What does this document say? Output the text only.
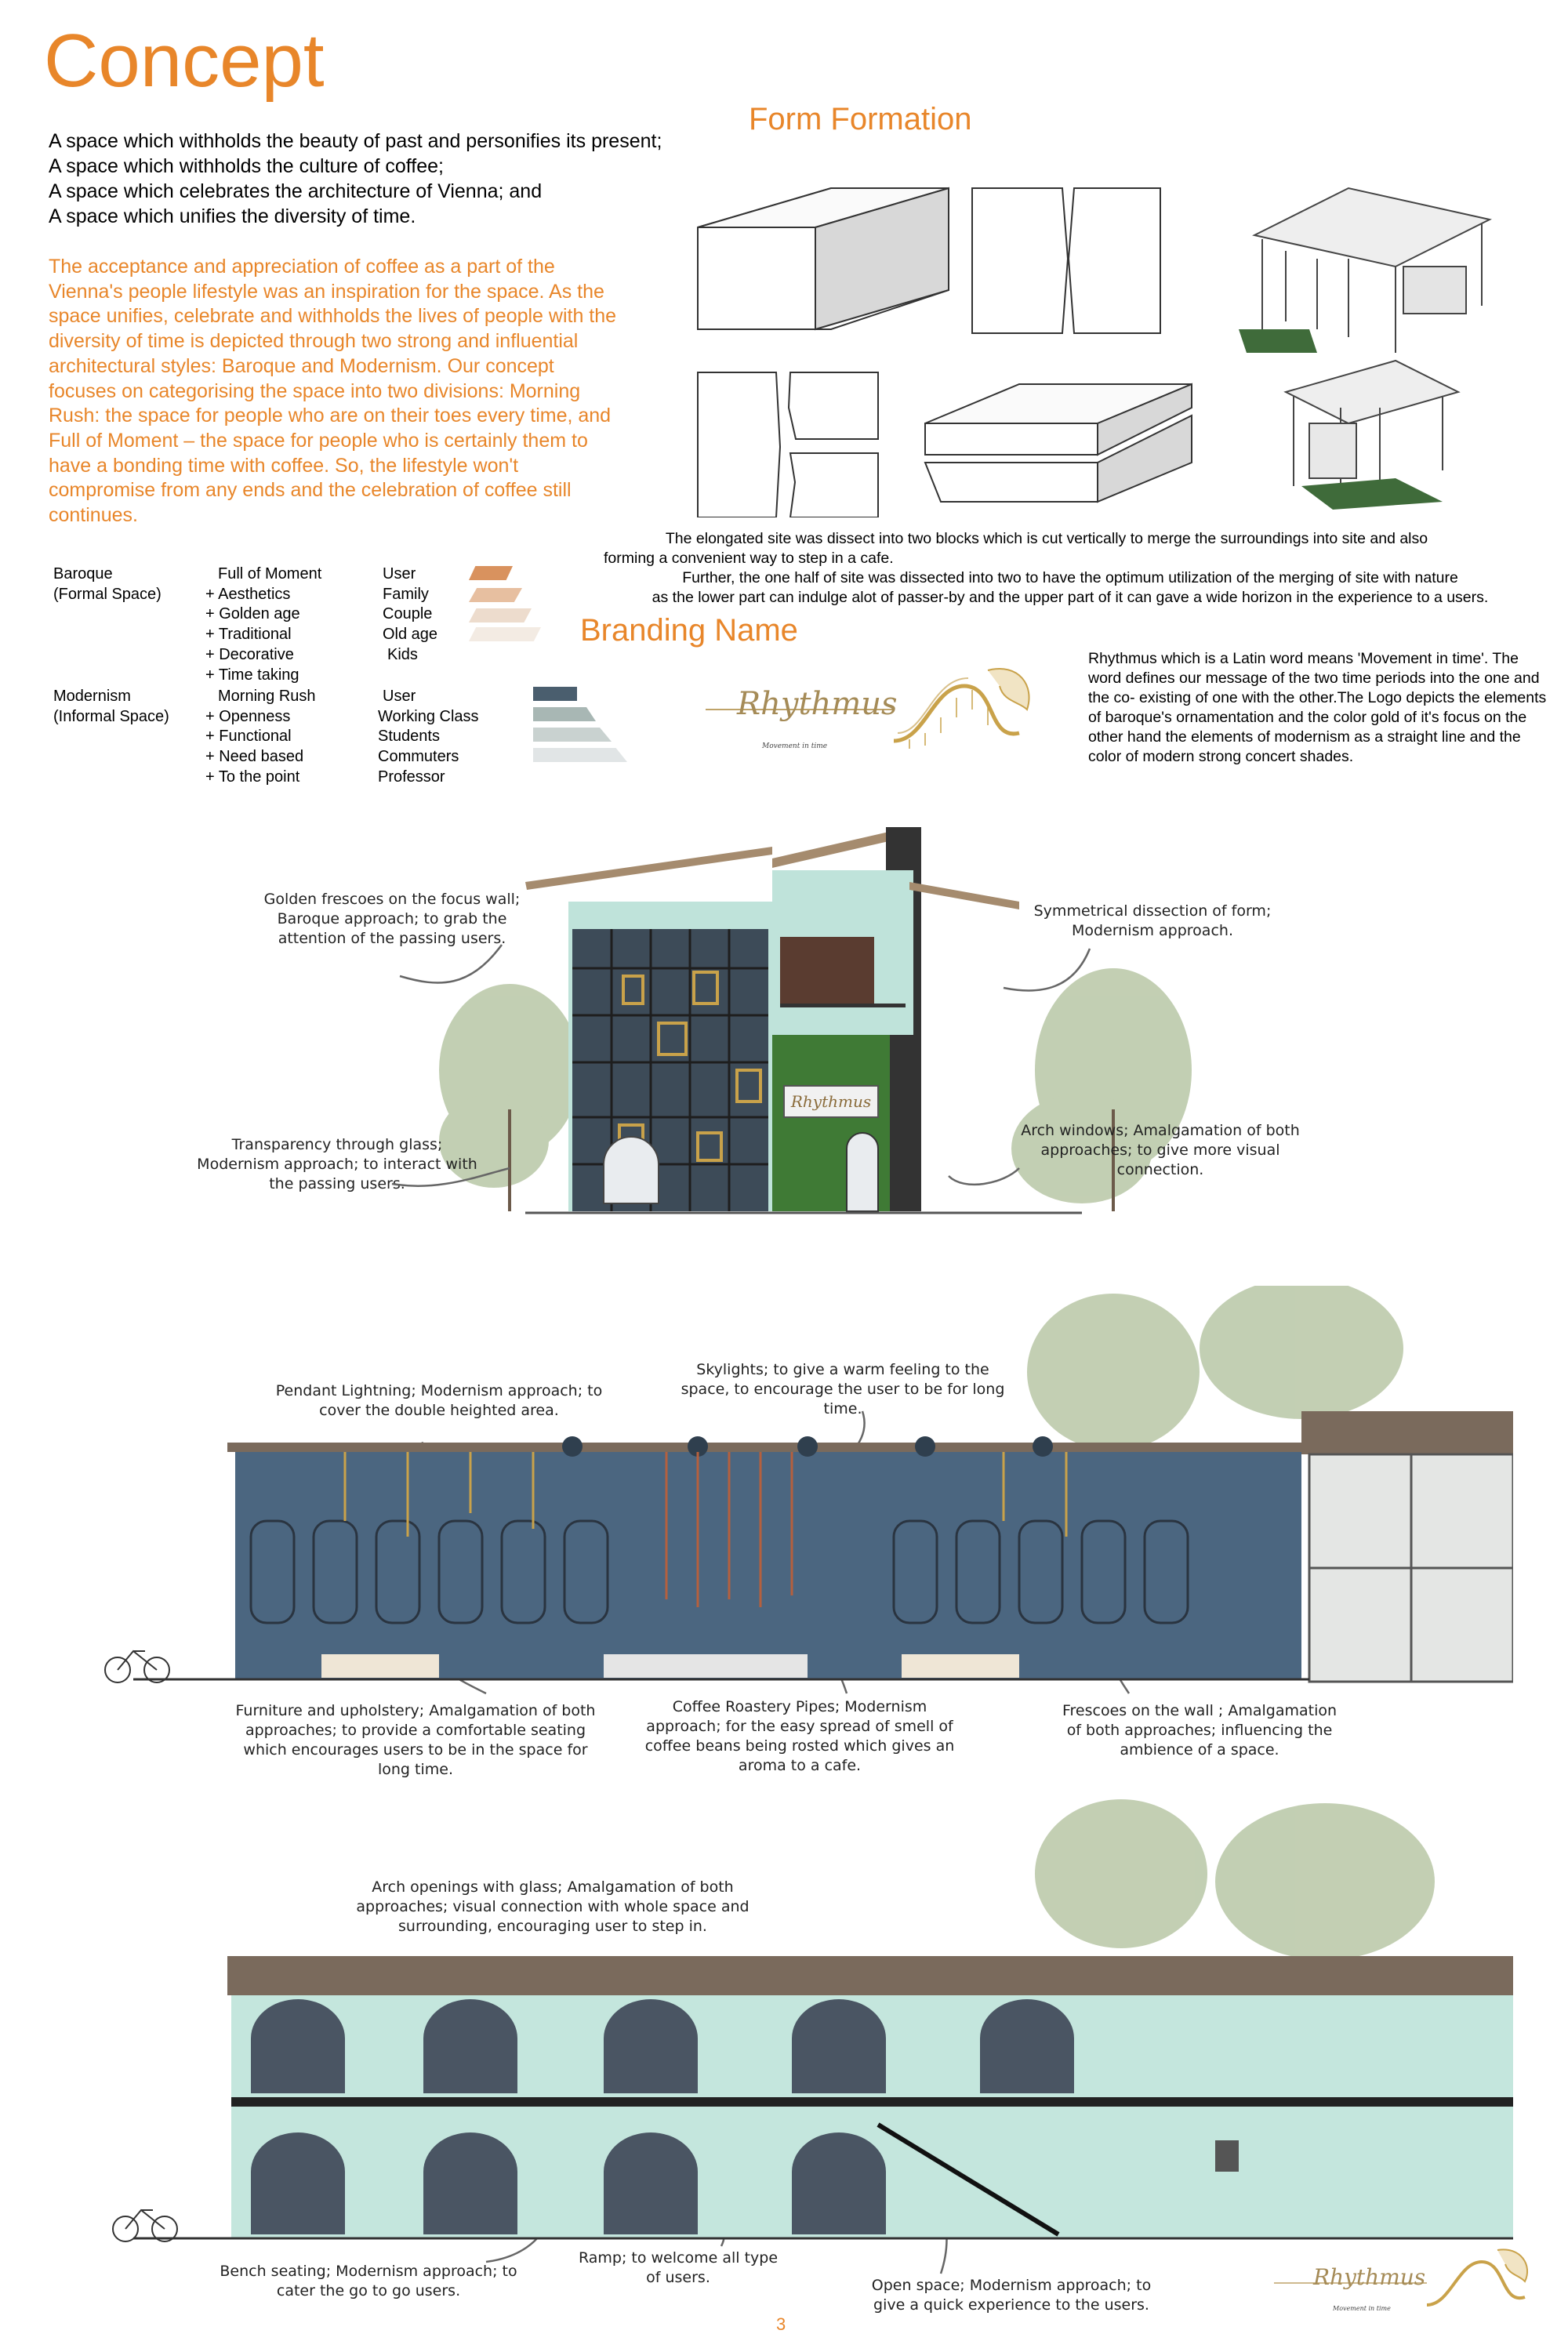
Concept
A space which withholds the beauty of past and personifies its present;
A space which withholds the culture of coffee;
A space which celebrates the architecture of Vienna; and
A space which unifies the diversity of time.
The acceptance and appreciation of coffee as a part of the Vienna's people lifestyle was an inspiration for the space. As the space unifies, celebrate and withholds the lives of people with the diversity of time is depicted through two strong and influential architectural styles: Baroque and Modernism. Our concept focuses on categorising the space into two divisions: Morning Rush: the space for people who are on their toes every time, and Full of Moment – the space for people who is certainly them to have a bonding time with coffee. So, the lifestyle won't compromise from any ends and the celebration of coffee still continues.
Baroque
(Formal Space)
Full of Moment
+ Aesthetics
+ Golden age
+ Traditional
+ Decorative
+ Time taking
User
Family
Couple
Old age
Kids
Modernism
(Informal Space)
Morning Rush
+ Openness
+ Functional
+ Need based
+ To the point
User
Working Class
Students
Commuters
Professor
Form Formation
The elongated site was dissect into two blocks which is cut vertically to merge the surroundings into site and also
forming a convenient way to step in a cafe.
Further, the one half of site was dissected into two to have the optimum utilization of the merging of site with nature
as the lower part can indulge alot of passer-by and the upper part of it can gave a wide horizon in the experience to a users.
Branding Name
Rhythmus
Movement in time
Rhythmus which is a Latin word means 'Movement in time'. The word defines our message of the two time periods into the one and the co- existing of one with the other.The Logo depicts the elements of baroque's ornamentation and the color gold of it's focus on the other hand the elements of modernism as a straight line and the color of modern strong concert shades.
Rhythmus
Golden frescoes on the focus wall; Baroque approach; to grab the attention of the passing users.
Symmetrical dissection of form; Modernism approach.
Transparency through glass; Modernism approach; to interact with the passing users.
Arch windows; Amalgamation of both approaches; to give more visual connection.
Pendant Lightning; Modernism approach; to cover the double heighted area.
Skylights; to give a warm feeling to the space, to encourage the user to be for long time.
Furniture and upholstery; Amalgamation of both approaches; to provide a comfortable seating which encourages users to be in the space for long time.
Coffee Roastery Pipes; Modernism approach; for the easy spread of smell of coffee beans being rosted which gives an aroma to a cafe.
Frescoes on the wall ; Amalgamation of both approaches; influencing the ambience of a space.
Arch openings with glass; Amalgamation of both approaches; visual connection with whole space and surrounding, encouraging user to step in.
Bench seating; Modernism approach; to cater the go to go users.
Ramp; to welcome all type of users.	Open space; Modernism approach; to give a quick experience to the users.
Rhythmus
Movement in time
3
